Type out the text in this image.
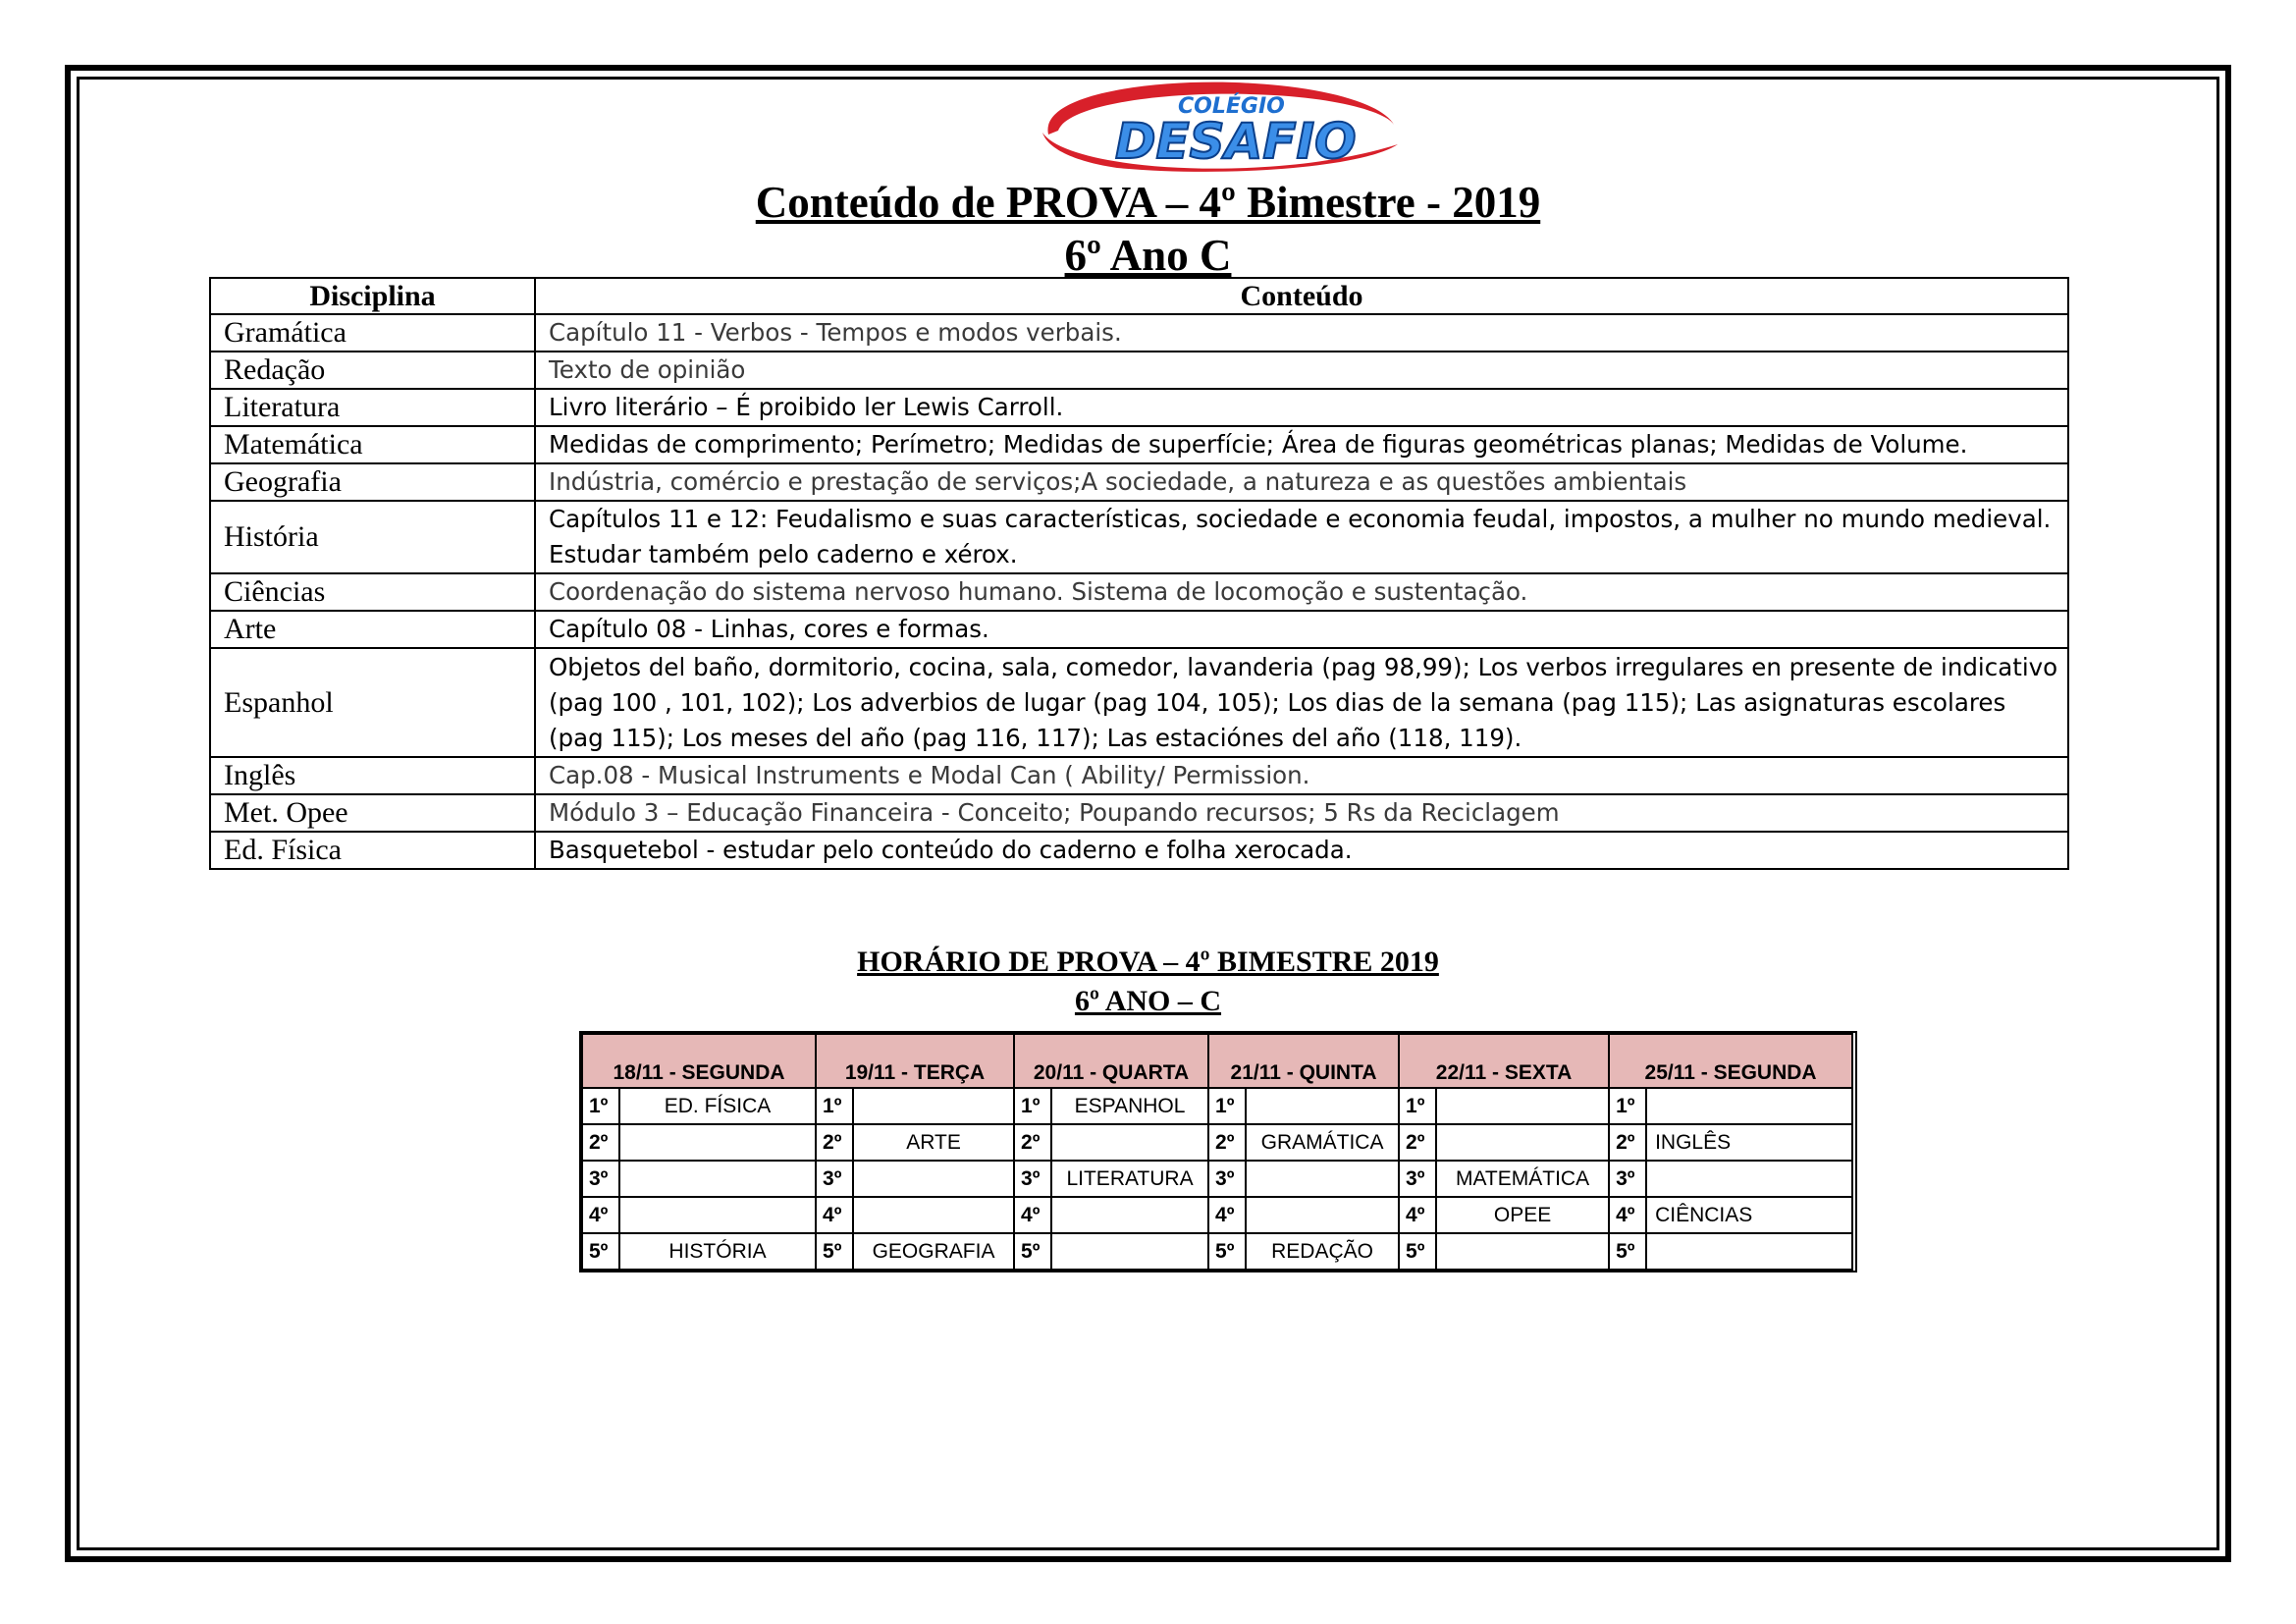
COLÉGIO
DESAFIO
Conteúdo de PROVA – 4º Bimestre - 2019
6º Ano C
Disciplina	Conteúdo
Gramática	Capítulo 11 - Verbos - Tempos e modos verbais.
Redação	Texto de opinião
Literatura	Livro literário – É proibido ler Lewis Carroll.
Matemática	Medidas de comprimento; Perímetro; Medidas de superfície; Área de figuras geométricas planas; Medidas de Volume.
Geografia	Indústria, comércio e prestação de serviços;A sociedade, a natureza e as questões ambientais
História	Capítulos 11 e 12: Feudalismo e suas características, sociedade e economia feudal, impostos, a mulher no mundo medieval. Estudar também pelo caderno e xérox.
Ciências	Coordenação do sistema nervoso humano. Sistema de locomoção e sustentação.
Arte	Capítulo 08 - Linhas, cores e formas.
Espanhol	Objetos del baño, dormitorio, cocina, sala, comedor, lavanderia (pag 98,99); Los verbos irregulares en presente de indicativo (pag 100 , 101, 102); Los adverbios de lugar (pag 104, 105); Los dias de la semana (pag 115); Las asignaturas escolares (pag 115); Los meses del año (pag 116, 117); Las estaciónes del año (118, 119).
Inglês	Cap.08 - Musical Instruments e Modal Can ( Ability/ Permission.
Met. Opee	Módulo 3 – Educação Financeira - Conceito; Poupando recursos; 5 Rs da Reciclagem
Ed. Física	Basquetebol - estudar pelo conteúdo do caderno e folha xerocada.
HORÁRIO DE PROVA – 4º BIMESTRE 2019
6º ANO – C
18/11 - SEGUNDA		19/11 - TERÇA		20/11 - QUARTA		21/11 - QUINTA		22/11 - SEXTA		25/11 - SEGUNDA	
1º	ED. FÍSICA	1º		1º	ESPANHOL	1º		1º		1º	
2º		2º	ARTE	2º		2º	GRAMÁTICA	2º		2º	INGLÊS
3º		3º		3º	LITERATURA	3º		3º	MATEMÁTICA	3º	
4º		4º		4º		4º		4º	OPEE	4º	CIÊNCIAS
5º	HISTÓRIA	5º	GEOGRAFIA	5º		5º	REDAÇÃO	5º		5º	
